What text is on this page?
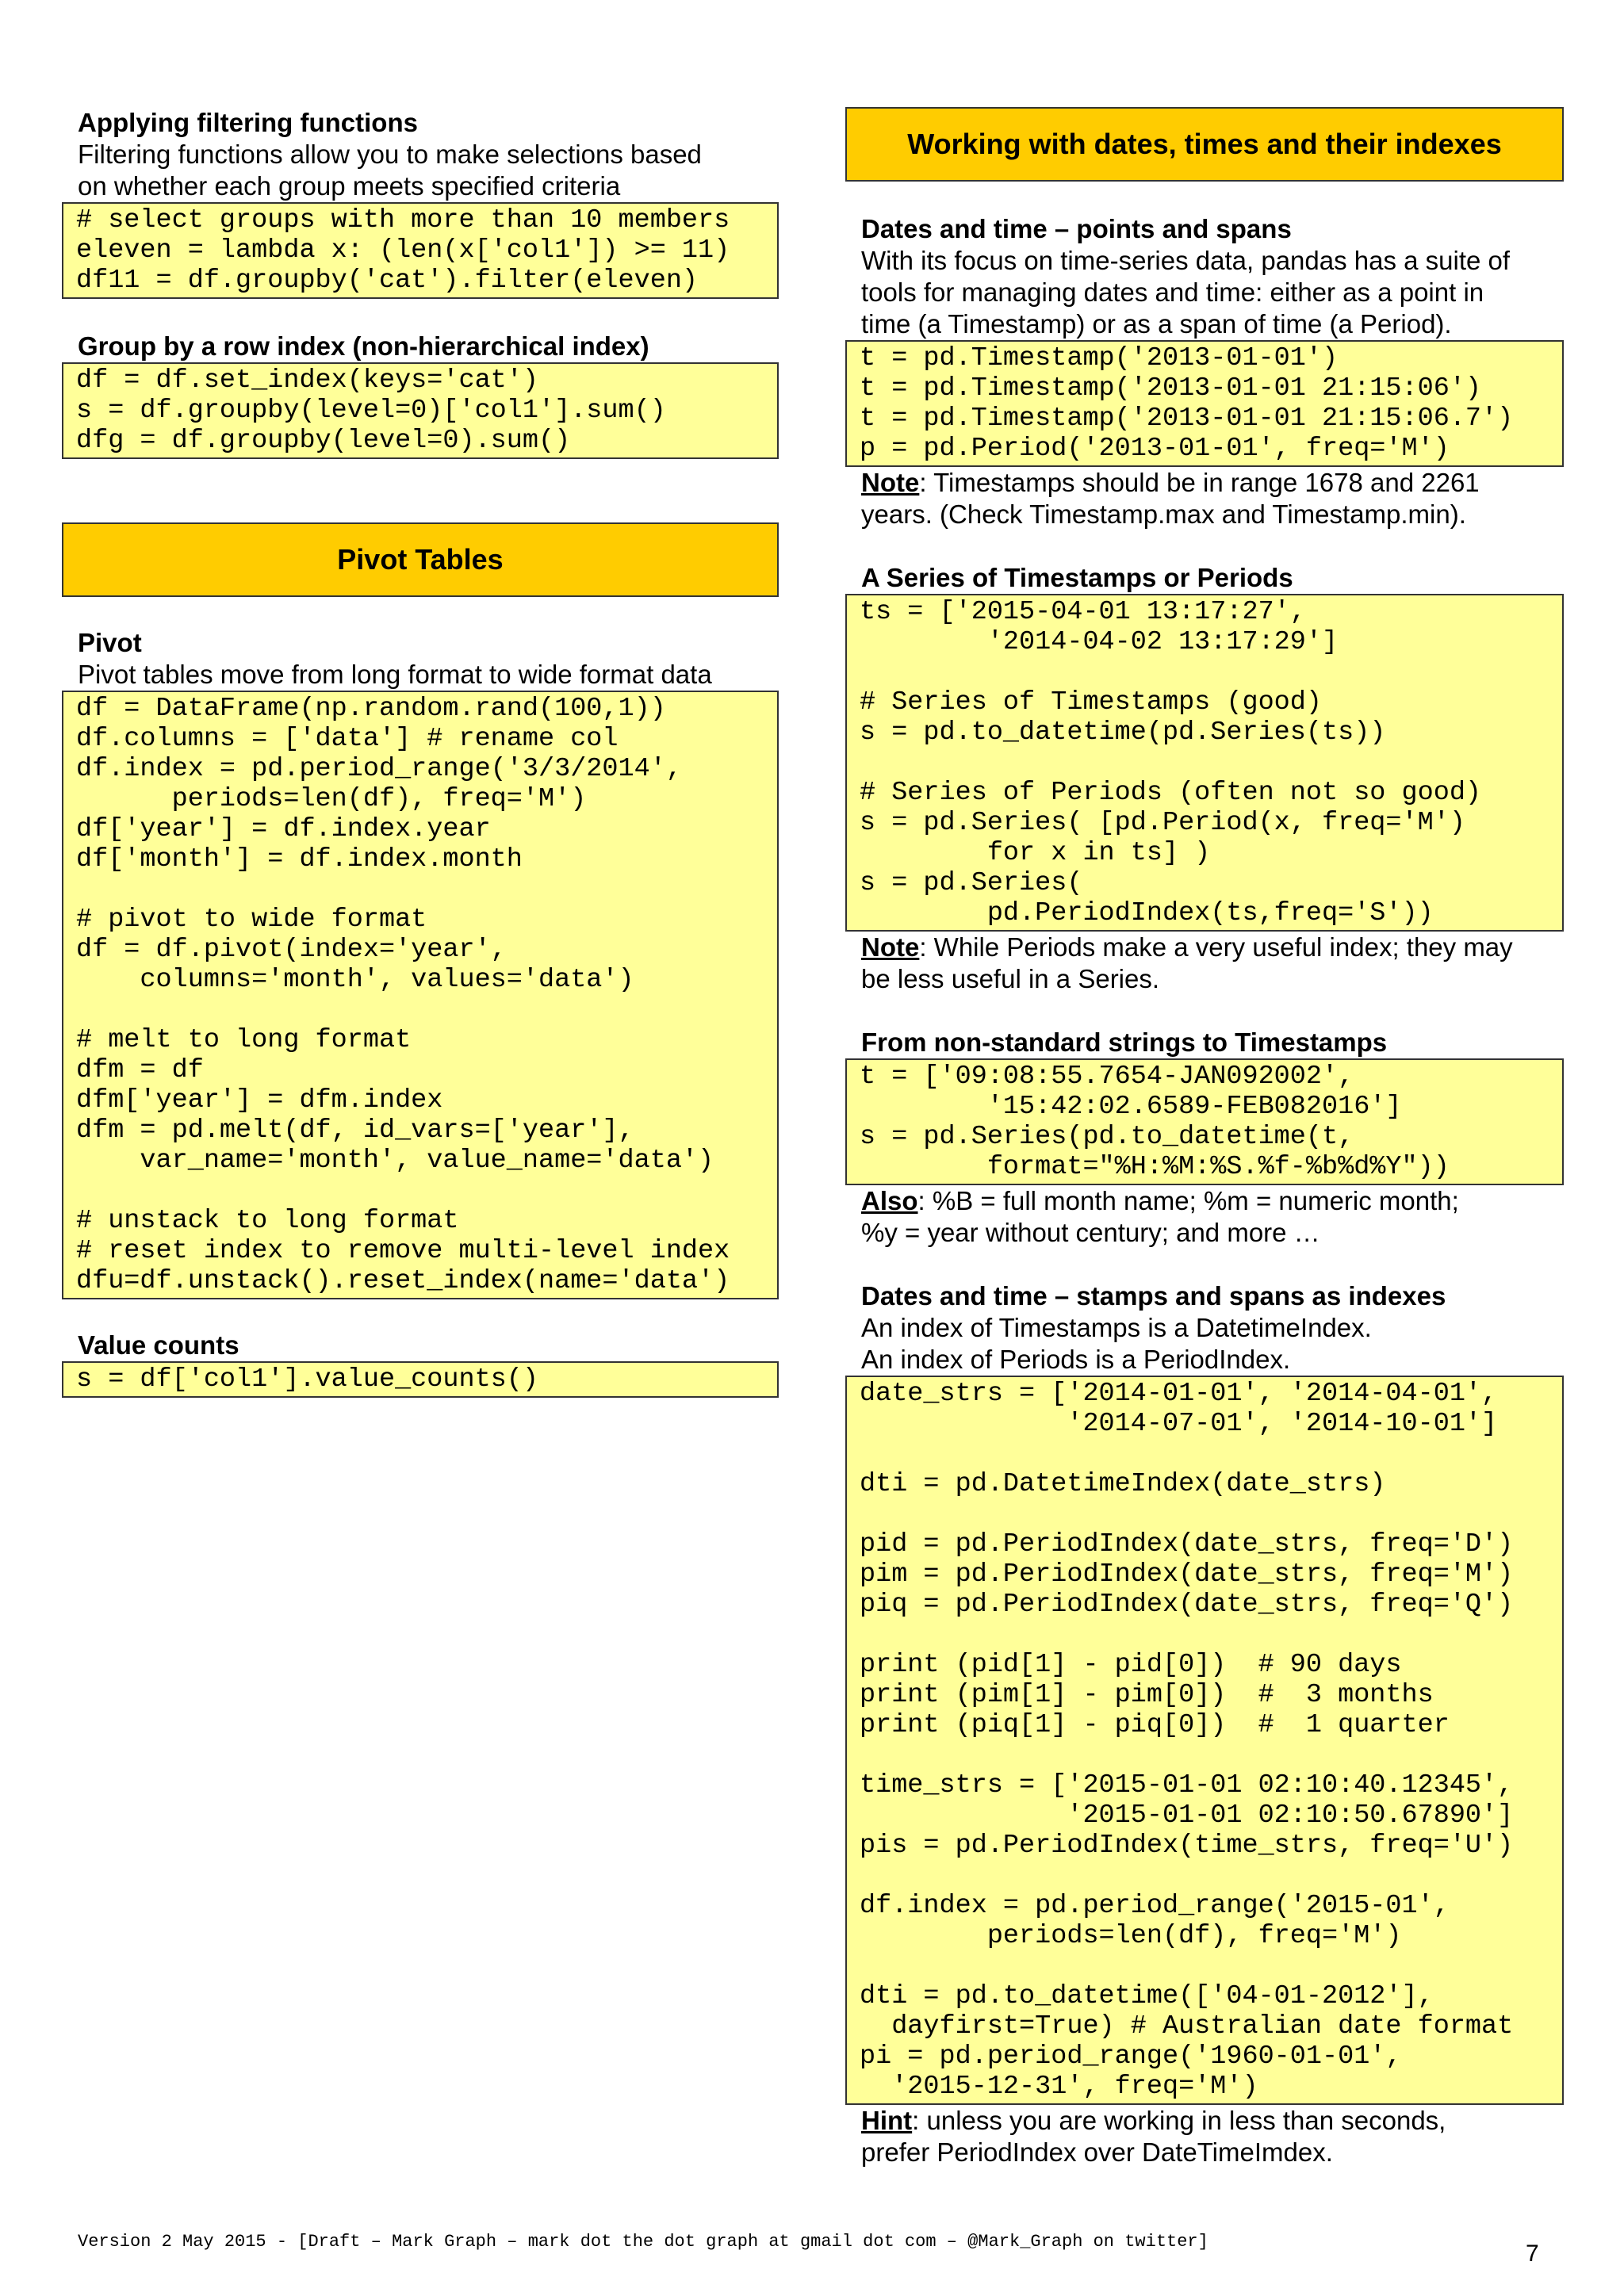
Applying filtering functions
Filtering functions allow you to make selections based
on whether each group meets specified criteria
# select groups with more than 10 members
eleven = lambda x: (len(x['col1']) >= 11)
df11 = df.groupby('cat').filter(eleven)
Group by a row index (non-hierarchical index)
df = df.set_index(keys='cat')
s = df.groupby(level=0)['col1'].sum()
dfg = df.groupby(level=0).sum()
Pivot Tables
Pivot
Pivot tables move from long format to wide format data
df = DataFrame(np.random.rand(100,1))
df.columns = ['data'] # rename col
df.index = pd.period_range('3/3/2014',
periods=len(df), freq='M')
df['year'] = df.index.year
df['month'] = df.index.month

# pivot to wide format
df = df.pivot(index='year',
columns='month', values='data')

# melt to long format
dfm = df
dfm['year'] = dfm.index
dfm = pd.melt(df, id_vars=['year'],
var_name='month', value_name='data')

# unstack to long format
# reset index to remove multi-level index
dfu=df.unstack().reset_index(name='data')
Value counts
s = df['col1'].value_counts()
Working with dates, times and their indexes
Dates and time – points and spans
With its focus on time-series data, pandas has a suite of
tools for managing dates and time: either as a point in
time (a Timestamp) or as a span of time (a Period).
t = pd.Timestamp('2013-01-01')
t = pd.Timestamp('2013-01-01 21:15:06')
t = pd.Timestamp('2013-01-01 21:15:06.7')
p = pd.Period('2013-01-01', freq='M')
Note: Timestamps should be in range 1678 and 2261
years. (Check Timestamp.max and Timestamp.min).
A Series of Timestamps or Periods
ts = ['2015-04-01 13:17:27',
'2014-04-02 13:17:29']

# Series of Timestamps (good)
s = pd.to_datetime(pd.Series(ts))

# Series of Periods (often not so good)
s = pd.Series( [pd.Period(x, freq='M')
for x in ts] )
s = pd.Series(
pd.PeriodIndex(ts,freq='S'))
Note: While Periods make a very useful index; they may
be less useful in a Series.
From non-standard strings to Timestamps
t = ['09:08:55.7654-JAN092002',
'15:42:02.6589-FEB082016']
s = pd.Series(pd.to_datetime(t,
format="%H:%M:%S.%f-%b%d%Y"))
Also: %B = full month name; %m = numeric month;
%y = year without century; and more …
Dates and time – stamps and spans as indexes
An index of Timestamps is a DatetimeIndex.
An index of Periods is a PeriodIndex.
date_strs = ['2014-01-01', '2014-04-01',
'2014-07-01', '2014-10-01']

dti = pd.DatetimeIndex(date_strs)

pid = pd.PeriodIndex(date_strs, freq='D')
pim = pd.PeriodIndex(date_strs, freq='M')
piq = pd.PeriodIndex(date_strs, freq='Q')

print (pid[1] - pid[0])  # 90 days
print (pim[1] - pim[0])  #  3 months
print (piq[1] - piq[0])  #  1 quarter

time_strs = ['2015-01-01 02:10:40.12345',
'2015-01-01 02:10:50.67890']
pis = pd.PeriodIndex(time_strs, freq='U')

df.index = pd.period_range('2015-01',
periods=len(df), freq='M')

dti = pd.to_datetime(['04-01-2012'],
dayfirst=True) # Australian date format
pi = pd.period_range('1960-01-01',
'2015-12-31', freq='M')
Hint: unless you are working in less than seconds,
prefer PeriodIndex over DateTimeImdex.
Version 2 May 2015 - [Draft – Mark Graph – mark dot the dot graph at gmail dot com – @Mark_Graph on twitter]	7
